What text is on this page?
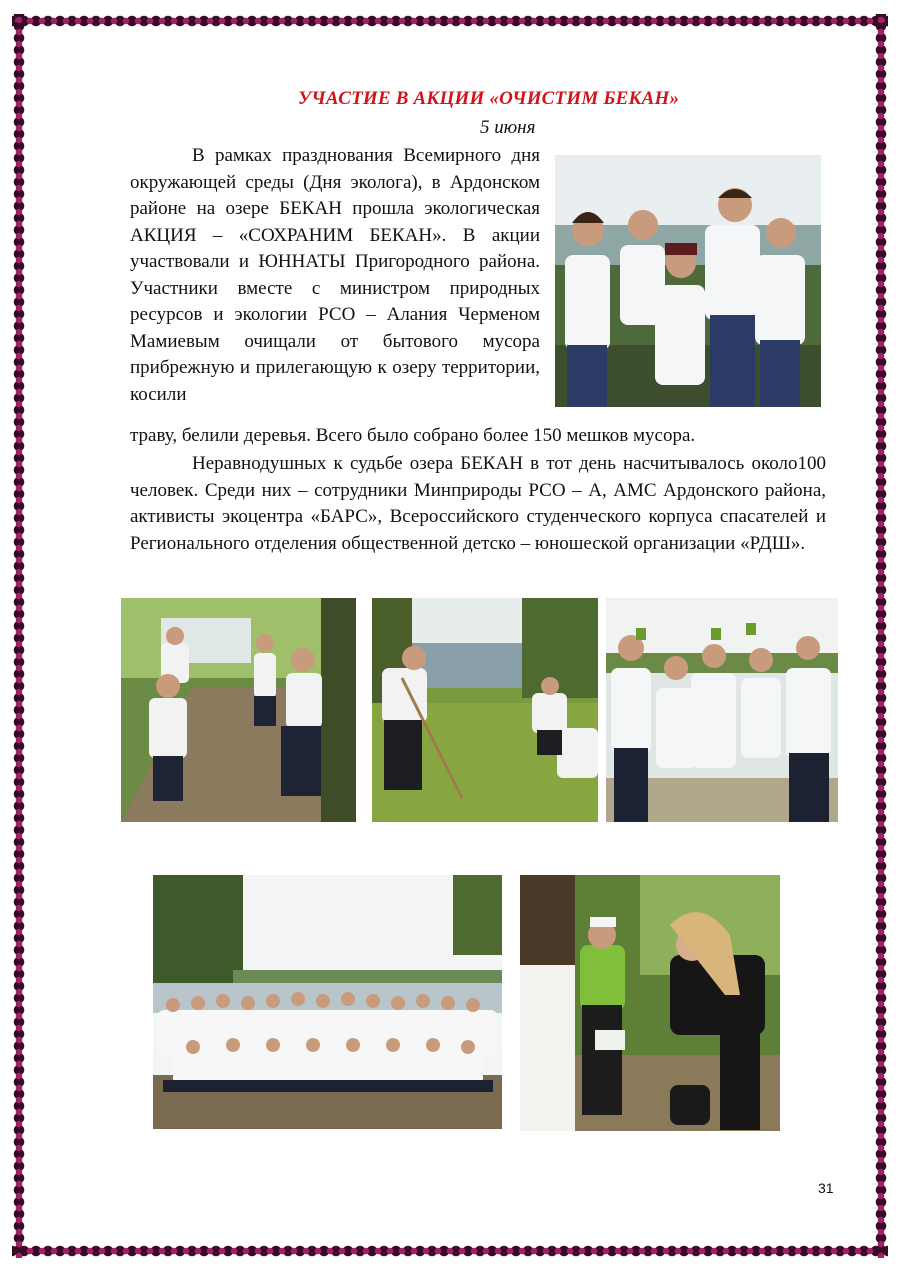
УЧАСТИЕ В АКЦИИ «ОЧИСТИМ БЕКАН»
5 июня
В рамках празднования Всемирного дня окружающей среды (Дня эколога), в Ардонском районе на озере БЕКАН прошла экологическая АКЦИЯ – «СОХРАНИМ БЕКАН». В акции участвовали и ЮННАТЫ Пригородного района. Участники вместе с министром природных ресурсов и экологии РСО – Алания Черменом Мамиевым очищали от бытового мусора прибрежную и прилегающую к озеру территории, косили
траву, белили деревья. Всего было собрано более 150 мешков мусора.
Неравнодушных к судьбе озера БЕКАН в тот день насчитывалось около100 человек. Среди них – сотрудники Минприроды РСО – А, АМС Ардонского района, активисты экоцентра «БАРС», Всероссийского студенческого корпуса спасателей и Регионального отделения общественной детско – юношеской организации «РДШ».
31
